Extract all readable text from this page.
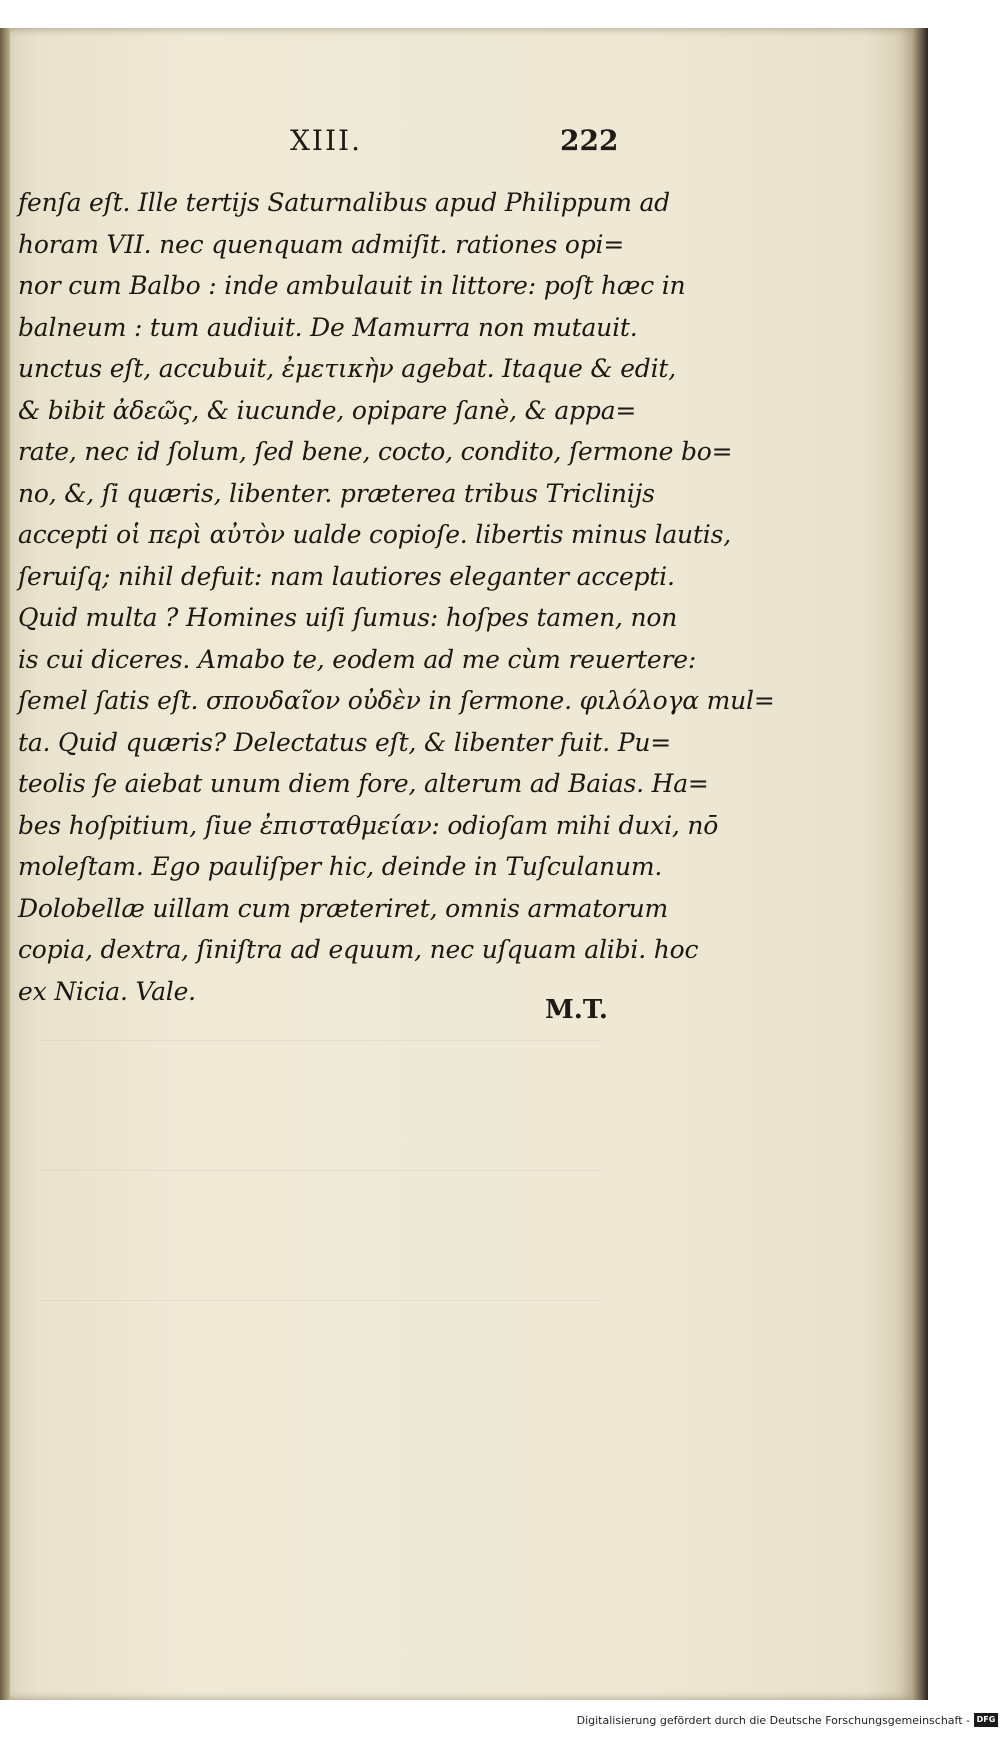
XIII.	222
fenſa eſt. Ille tertijs Saturnalibus apud Philippum ad
horam VII. nec quenquam admiſit. rationes opi=
nor cum Balbo : inde ambulauit in littore: poſt hæc in
balneum : tum audiuit. De Mamurra non mutauit.
unctus eſt, accubuit, ἐμετικὴν agebat. Itaque & edit,
& bibit ἀδεῶς, & iucunde, opipare ſanè, & appa=
rate, nec id ſolum, ſed bene, coctо, condito, ſermone bo=
no, &, ſi quæris, libenter. præterea tribus Triclinijs
accepti οἱ περὶ αὐτὸν ualde copioſe. libertis minus lautis,
ſeruiſq; nihil defuit: nam lautiores eleganter accepti.
Quid multa ? Homines uiſi ſumus: hoſpes tamen, non
is cui diceres. Amabo te, eodem ad me cùm reuertere:
ſemel ſatis eſt. σπουδαῖον οὐδὲν in ſermone. φιλόλογα mul=
ta. Quid quæris? Delectatus eſt, & libenter fuit. Pu=
teolis ſe aiebat unum diem fore, alterum ad Baias. Ha=
bes hoſpitium, ſiue ἐπισταθμείαν: odioſam mihi duxi, nō
moleſtam. Ego pauliſper hic, deinde in Tuſculanum.
Dolobellæ uillam cum præteriret, omnis armatorum
copia, dextra, ſiniſtra ad equum, nec uſquam alibi. hoc
ex Nicia. Vale.
M.T.
Digitalisierung gefördert durch die Deutsche Forschungsgemeinschaft - DFG
